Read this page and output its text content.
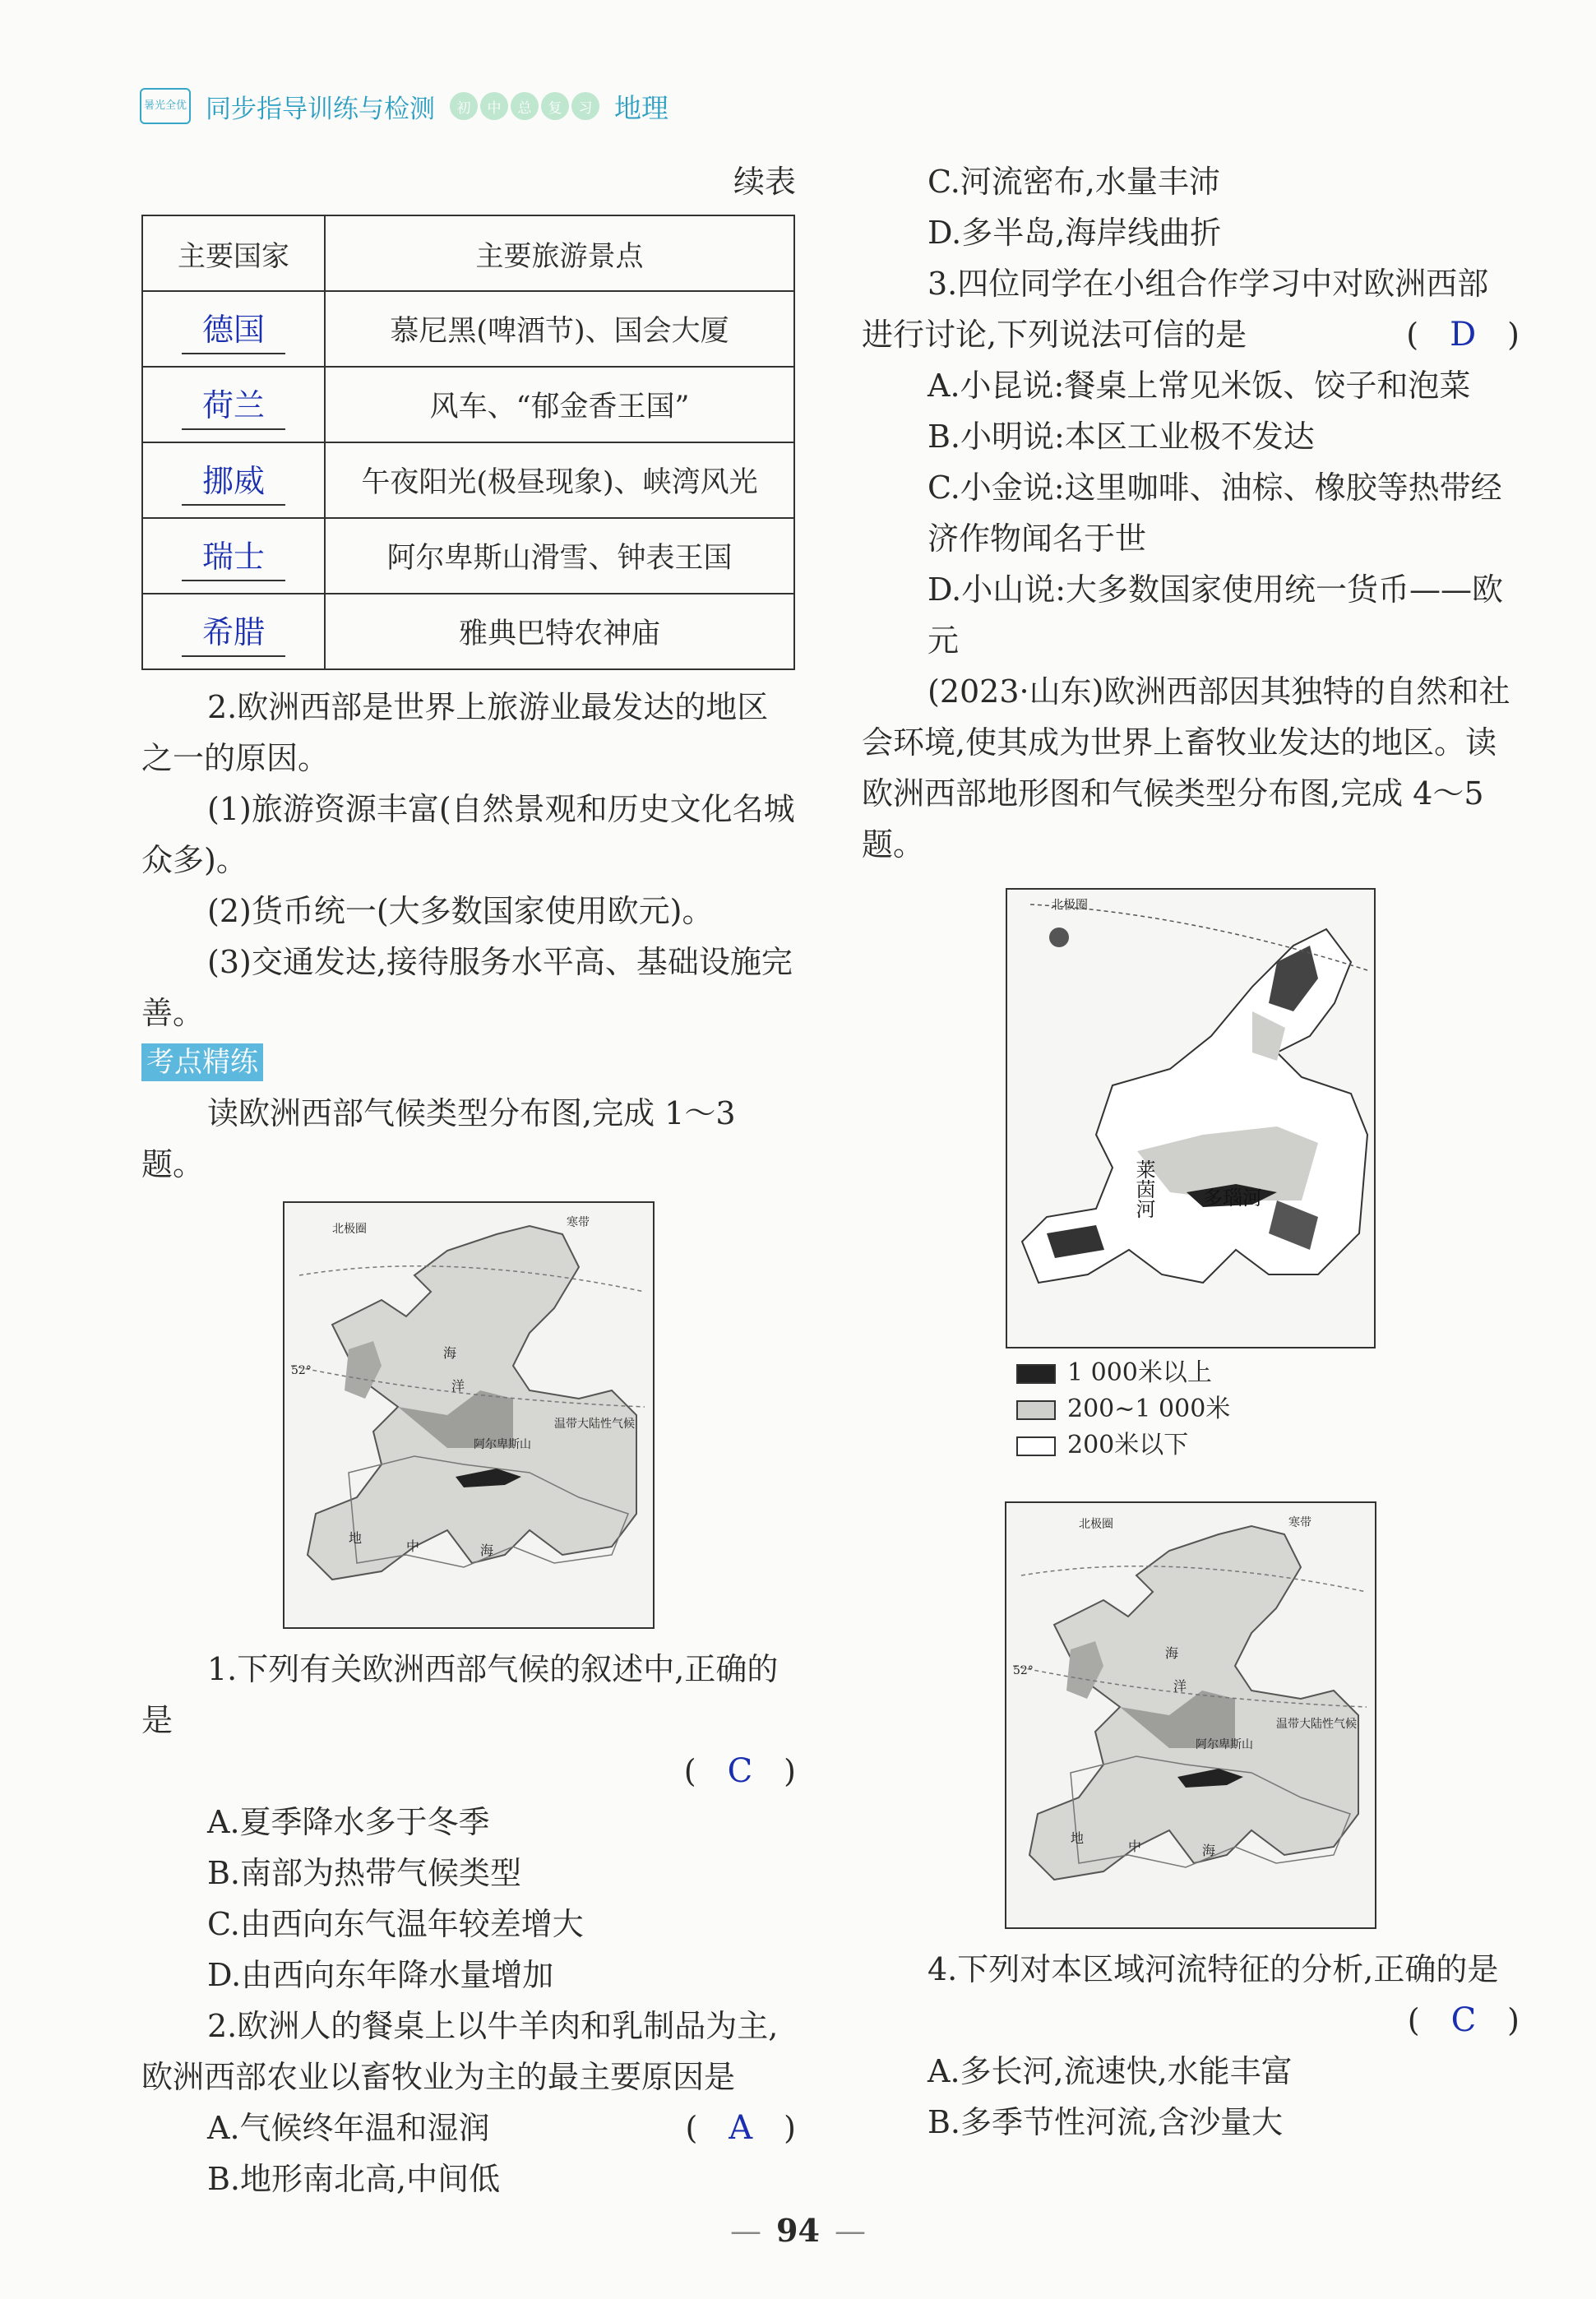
暑光全优 同步指导训练与检测	初	中	总	复	习 地理
续表
主要国家	主要旅游景点
德国	慕尼黑(啤酒节)、国会大厦
荷兰	风车、“郁金香王国”
挪威	午夜阳光(极昼现象)、峡湾风光
瑞士	阿尔卑斯山滑雪、钟表王国
希腊	雅典巴特农神庙

2.欧洲西部是世界上旅游业最发达的地区之一的原因。

(1)旅游资源丰富(自然景观和历史文化名城众多)。

(2)货币统一(大多数国家使用欧元)。

(3)交通发达,接待服务水平高、基础设施完善。

考点精练

读欧洲西部气候类型分布图,完成 1～3 题。

北极圈	寒带
52°
阿尔卑斯山
海
洋
温带大陆性气候
地
中	海

1.下列有关欧洲西部气候的叙述中,正确的是

(　C　)

A.夏季降水多于冬季

B.南部为热带气候类型

C.由西向东气温年较差增大

D.由西向东年降水量增加

2.欧洲人的餐桌上以牛羊肉和乳制品为主,欧洲西部农业以畜牧业为主的最主要原因是
(　A　)

A.气候终年温和湿润

B.地形南北高,中间低

C.河流密布,水量丰沛

D.多半岛,海岸线曲折

3.四位同学在小组合作学习中对欧洲西部进行讨论,下列说法可信的是	(　D　)

A.小昆说:餐桌上常见米饭、饺子和泡菜

B.小明说:本区工业极不发达

C.小金说:这里咖啡、油棕、橡胶等热带经济作物闻名于世

D.小山说:大多数国家使用统一货币——欧元

(2023·山东)欧洲西部因其独特的自然和社会环境,使其成为世界上畜牧业发达的地区。读欧洲西部地形图和气候类型分布图,完成 4～5 题。

北极圈
莱茵河 多瑙河
1 000米以上
200~1 000米
200米以下
北极圈	寒带
52°
阿尔卑斯山
海
洋
温带大陆性气候
地
中	海

4.下列对本区域河流特征的分析,正确的是

(　C　)

A.多长河,流速快,水能丰富

B.多季节性河流,含沙量大

— 94 —
